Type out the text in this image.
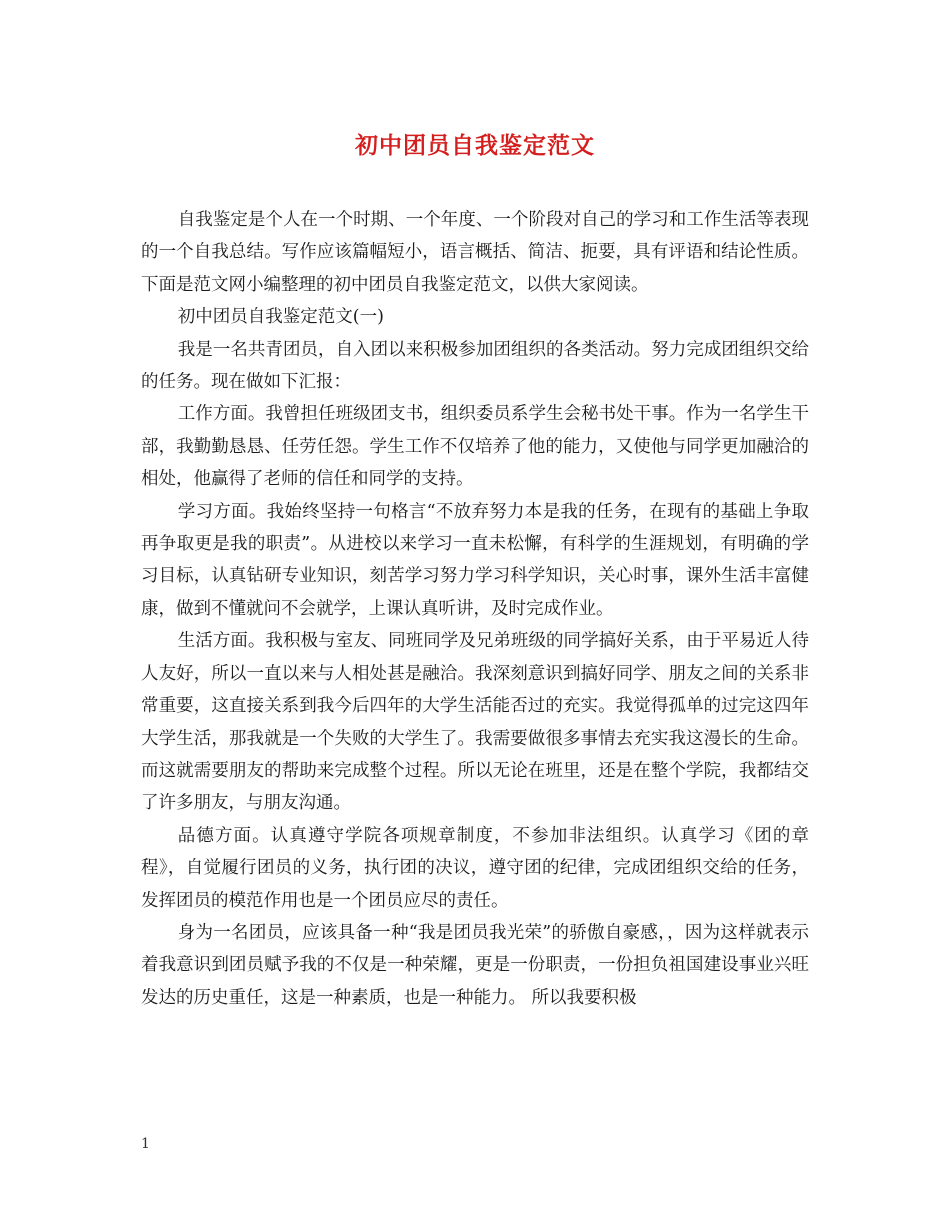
初中团员自我鉴定范文

自我鉴定是个人在一个时期、一个年度、一个阶段对自己的学习和工作生活等表现的一个自我总结。写作应该篇幅短小，语言概括、简洁、扼要，具有评语和结论性质。下面是范文网小编整理的初中团员自我鉴定范文，以供大家阅读。

初中团员自我鉴定范文(一)

我是一名共青团员，自入团以来积极参加团组织的各类活动。努力完成团组织交给的任务。现在做如下汇报：

工作方面。我曾担任班级团支书，组织委员系学生会秘书处干事。作为一名学生干部，我勤勤恳恳、任劳任怨。学生工作不仅培养了他的能力，又使他与同学更加融洽的相处，他赢得了老师的信任和同学的支持。

学习方面。我始终坚持一句格言“不放弃努力本是我的任务，在现有的基础上争取再争取更是我的职责”。从进校以来学习一直未松懈，有科学的生涯规划，有明确的学习目标，认真钻研专业知识，刻苦学习努力学习科学知识，关心时事，课外生活丰富健康，做到不懂就问不会就学，上课认真听讲，及时完成作业。

生活方面。我积极与室友、同班同学及兄弟班级的同学搞好关系，由于平易近人待人友好，所以一直以来与人相处甚是融洽。我深刻意识到搞好同学、朋友之间的关系非常重要，这直接关系到我今后四年的大学生活能否过的充实。我觉得孤单的过完这四年大学生活，那我就是一个失败的大学生了。我需要做很多事情去充实我这漫长的生命。而这就需要朋友的帮助来完成整个过程。所以无论在班里，还是在整个学院，我都结交了许多朋友，与朋友沟通。

品德方面。认真遵守学院各项规章制度，不参加非法组织。认真学习《团的章程》，自觉履行团员的义务，执行团的决议，遵守团的纪律，完成团组织交给的任务，发挥团员的模范作用也是一个团员应尽的责任。

身为一名团员，应该具备一种“我是团员我光荣”的骄傲自豪感，，因为这样就表示着我意识到团员赋予我的不仅是一种荣耀，更是一份职责，一份担负祖国建设事业兴旺发达的历史重任，这是一种素质，也是一种能力。 所以我要积极

1
